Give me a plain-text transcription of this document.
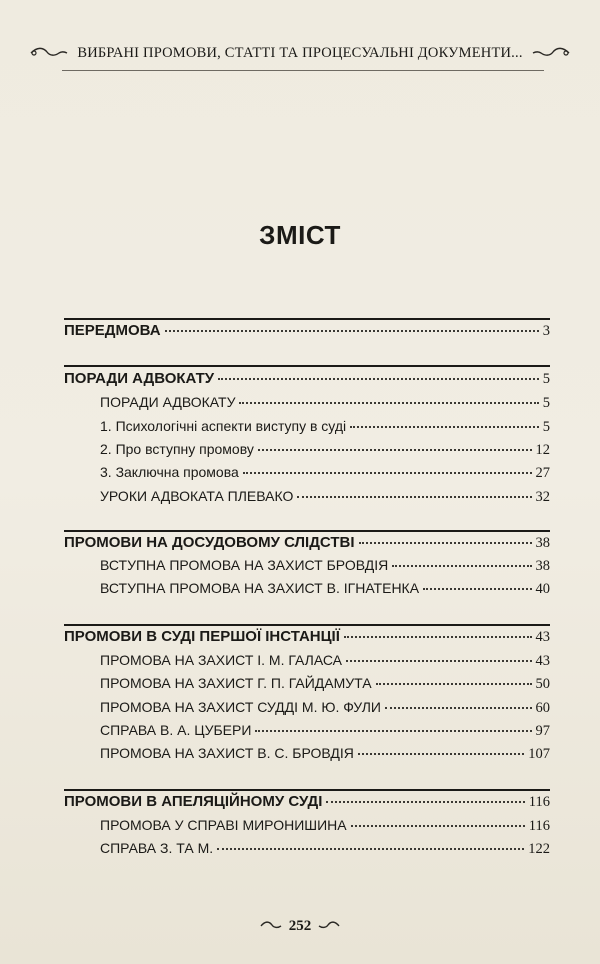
ВИБРАНІ ПРОМОВИ, СТАТТІ ТА ПРОЦЕСУАЛЬНІ ДОКУМЕНТИ...
ЗМІСТ
ПЕРЕДМОВА	3
ПОРАДИ АДВОКАТУ	5
ПОРАДИ АДВОКАТУ	5
1. Психологічні аспекти виступу в суді	5
2. Про вступну промову	12
3. Заключна промова	27
УРОКИ АДВОКАТА ПЛЕВАКО	32
ПРОМОВИ НА ДОСУДОВОМУ СЛІДСТВІ	38
ВСТУПНА ПРОМОВА НА ЗАХИСТ БРОВДІЯ	38
ВСТУПНА ПРОМОВА НА ЗАХИСТ В. ІГНАТЕНКА	40
ПРОМОВИ В СУДІ ПЕРШОЇ ІНСТАНЦІЇ	43
ПРОМОВА НА ЗАХИСТ І. М. ГАЛАСА	43
ПРОМОВА НА ЗАХИСТ Г. П. ГАЙДАМУТА	50
ПРОМОВА НА ЗАХИСТ СУДДІ М. Ю. ФУЛИ	60
СПРАВА В. А. ЦУБЕРИ	97
ПРОМОВА НА ЗАХИСТ В. С. БРОВДІЯ	107
ПРОМОВИ В АПЕЛЯЦІЙНОМУ СУДІ	116
ПРОМОВА У СПРАВІ МИРОНИШИНА	116
СПРАВА З. ТА М.	122
252
